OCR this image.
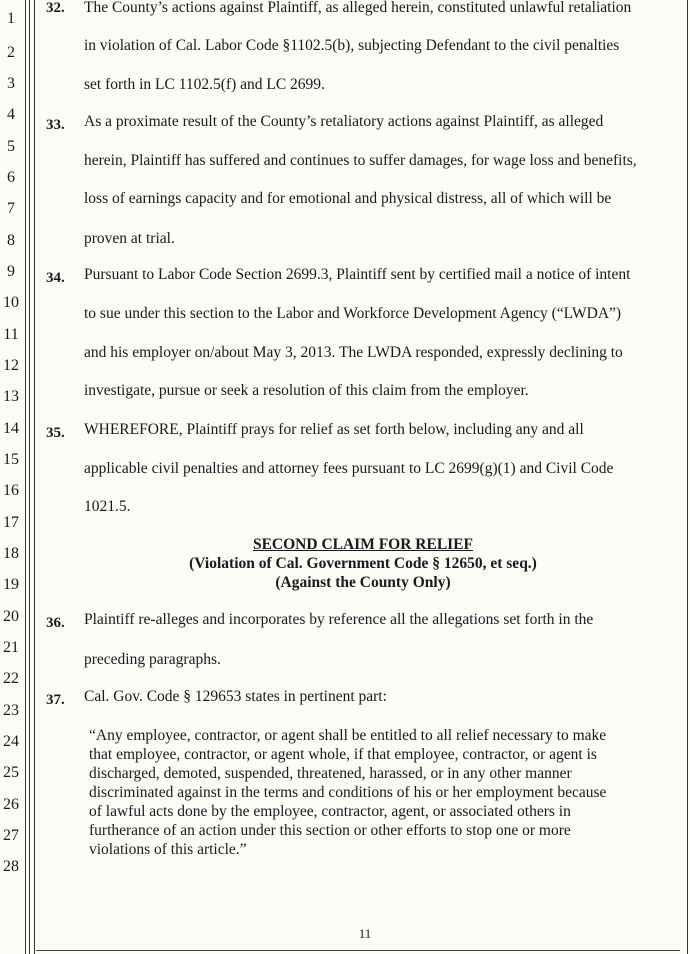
1
2
3
4
5
6
7
8
9
10
11
12
13
14
15
16
17
18
19
20
21
22
23
24
25
26
27
28
32. The County’s actions against Plaintiff, as alleged herein, constituted unlawful retaliation
in violation of Cal. Labor Code §1102.5(b), subjecting Defendant to the civil penalties
set forth in LC 1102.5(f) and LC 2699.
33. As a proximate result of the County’s retaliatory actions against Plaintiff, as alleged
herein, Plaintiff has suffered and continues to suffer damages, for wage loss and benefits,
loss of earnings capacity and for emotional and physical distress, all of which will be
proven at trial.
34. Pursuant to Labor Code Section 2699.3, Plaintiff sent by certified mail a notice of intent
to sue under this section to the Labor and Workforce Development Agency (“LWDA”)
and his employer on/about May 3, 2013. The LWDA responded, expressly declining to
investigate, pursue or seek a resolution of this claim from the employer.
35. WHEREFORE, Plaintiff prays for relief as set forth below, including any and all
applicable civil penalties and attorney fees pursuant to LC 2699(g)(1) and Civil Code
1021.5.
SECOND CLAIM FOR RELIEF
(Violation of Cal. Government Code § 12650, et seq.)
(Against the County Only)
36. Plaintiff re-alleges and incorporates by reference all the allegations set forth in the
preceding paragraphs.
37. Cal. Gov. Code § 129653 states in pertinent part:
“Any employee, contractor, or agent shall be entitled to all relief necessary to make
that employee, contractor, or agent whole, if that employee, contractor, or agent is
discharged, demoted, suspended, threatened, harassed, or in any other manner
discriminated against in the terms and conditions of his or her employment because
of lawful acts done by the employee, contractor, agent, or associated others in
furtherance of an action under this section or other efforts to stop one or more
violations of this article.”
11
